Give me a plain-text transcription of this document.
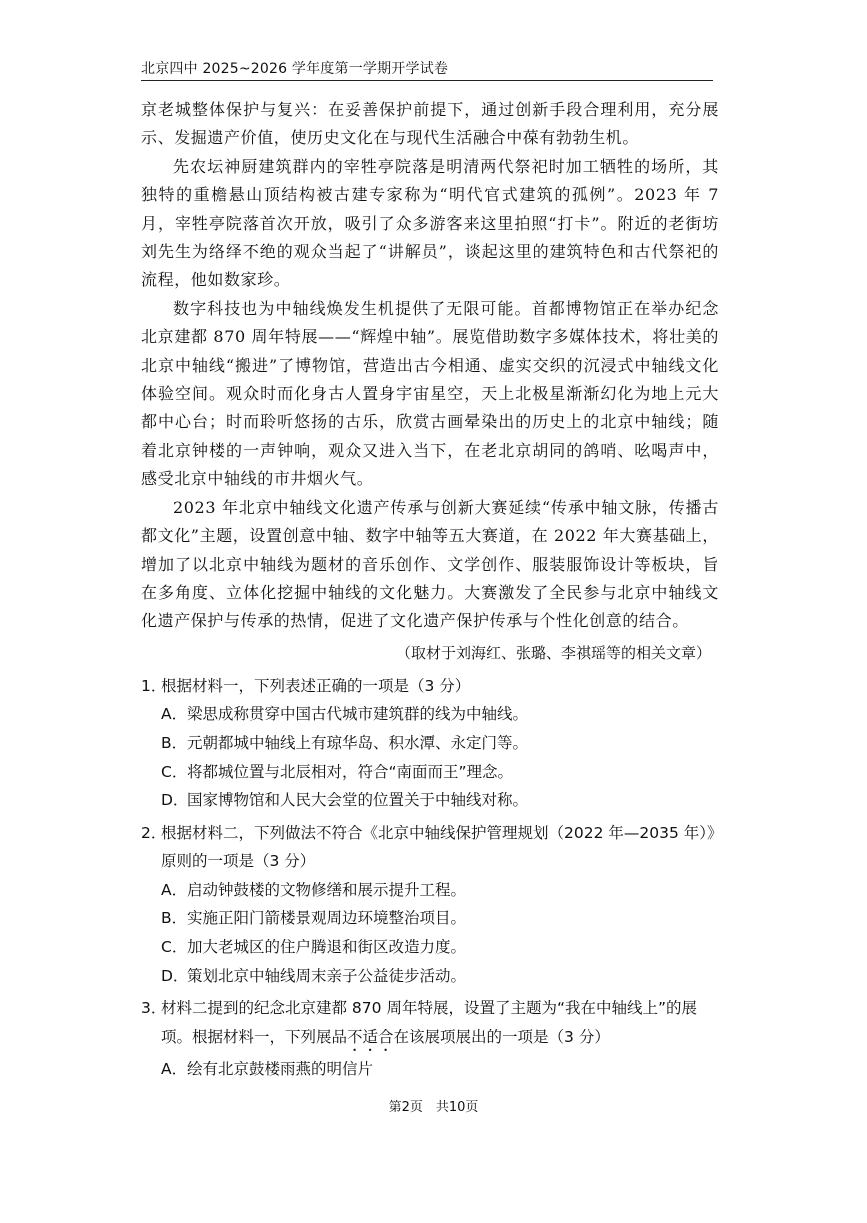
北京四中 2025~2026 学年度第一学期开学试卷

京老城整体保护与复兴：在妥善保护前提下，通过创新手段合理利用，充分展示、发掘遗产价值，使历史文化在与现代生活融合中葆有勃勃生机。

先农坛神厨建筑群内的宰牲亭院落是明清两代祭祀时加工牺牲的场所，其独特的重檐悬山顶结构被古建专家称为“明代官式建筑的孤例”。2023 年 7 月，宰牲亭院落首次开放，吸引了众多游客来这里拍照“打卡”。附近的老街坊刘先生为络绎不绝的观众当起了“讲解员”，谈起这里的建筑特色和古代祭祀的流程，他如数家珍。

数字科技也为中轴线焕发生机提供了无限可能。首都博物馆正在举办纪念北京建都 870 周年特展——“辉煌中轴”。展览借助数字多媒体技术，将壮美的北京中轴线“搬进”了博物馆，营造出古今相通、虚实交织的沉浸式中轴线文化体验空间。观众时而化身古人置身宇宙星空，天上北极星渐渐幻化为地上元大都中心台；时而聆听悠扬的古乐，欣赏古画晕染出的历史上的北京中轴线；随着北京钟楼的一声钟响，观众又进入当下，在老北京胡同的鸽哨、吆喝声中，感受北京中轴线的市井烟火气。

2023 年北京中轴线文化遗产传承与创新大赛延续“传承中轴文脉，传播古都文化”主题，设置创意中轴、数字中轴等五大赛道，在 2022 年大赛基础上，增加了以北京中轴线为题材的音乐创作、文学创作、服装服饰设计等板块，旨在多角度、立体化挖掘中轴线的文化魅力。大赛激发了全民参与北京中轴线文化遗产保护与传承的热情，促进了文化遗产保护传承与个性化创意的结合。

（取材于刘海红、张璐、李祺瑶等的相关文章）

1．根据材料一，下列表述正确的一项是（3 分）

A． 梁思成称贯穿中国古代城市建筑群的线为中轴线。

B． 元朝都城中轴线上有琼华岛、积水潭、永定门等。

C． 将都城位置与北辰相对，符合“南面而王”理念。

D．
国家博物馆和人民大会堂的位置关于中轴线对称。

2．根据材料二，下列做法不符合《北京中轴线保护管理规划（2022 年—2035 年）》原则的一项是（3 分）

A． 启动钟鼓楼的文物修缮和展示提升工程。

B． 实施正阳门箭楼景观周边环境整治项目。

C． 加大老城区的住户腾退和街区改造力度。

D．
策划北京中轴线周末亲子公益徒步活动。

3．材料二提到的纪念北京建都 870 周年特展，设置了主题为“我在中轴线上”的展项。根据材料一，下列展品不适合在该展项展出的一项是（3 分）

A． 绘有北京鼓楼雨燕的明信片

第2页　共10页
